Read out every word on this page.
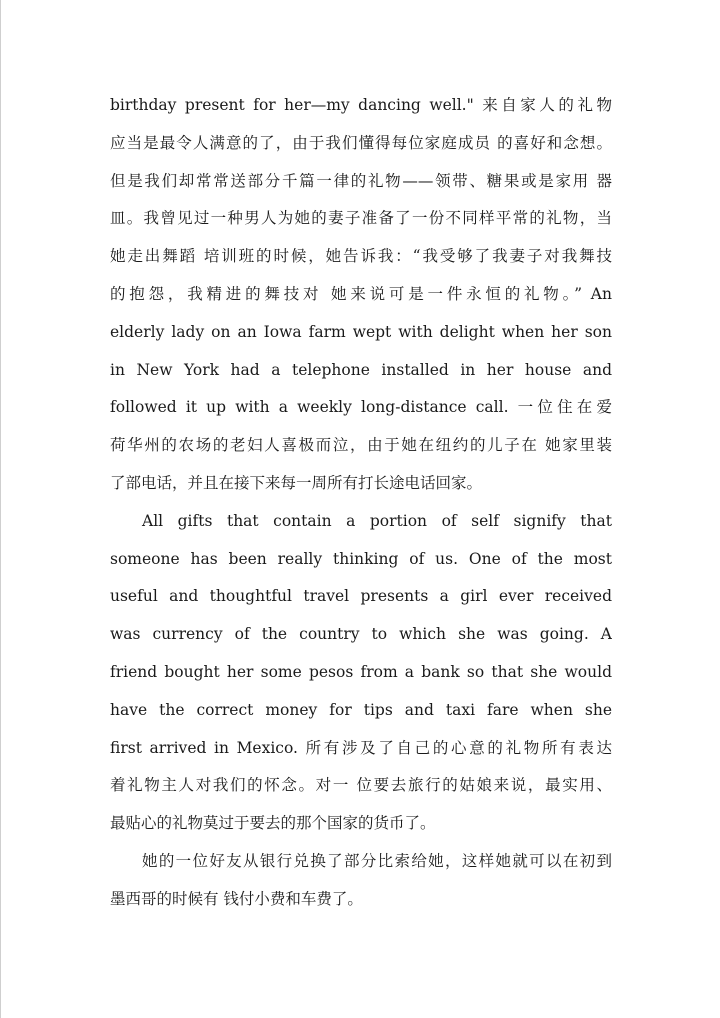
birthday present for her—my dancing well." 来自家人的礼物
应当是最令人满意的了，由于我们懂得每位家庭成员 的喜好和念想。
但是我们却常常送部分千篇一律的礼物——领带、糖果或是家用 器
皿。我曾见过一种男人为她的妻子准备了一份不同样平常的礼物，当
她走出舞蹈 培训班的时候，她告诉我：“我受够了我妻子对我舞技
的抱怨，我精进的舞技对 她来说可是一件永恒的礼物。” An
elderly lady on an Iowa farm wept with delight when her son
in New York had a telephone installed in her house and
followed it up with a weekly long-distance call. 一位住在爱
荷华州的农场的老妇人喜极而泣，由于她在纽约的儿子在 她家里装
了部电话，并且在接下来每一周所有打长途电话回家。
All gifts that contain a portion of self signify that
someone has been really thinking of us. One of the most
useful and thoughtful travel presents a girl ever received
was currency of the country to which she was going. A
friend bought her some pesos from a bank so that she would
have the correct money for tips and taxi fare when she
first arrived in Mexico. 所有涉及了自己的心意的礼物所有表达
着礼物主人对我们的怀念。对一 位要去旅行的姑娘来说，最实用、
最贴心的礼物莫过于要去的那个国家的货币了。
她的一位好友从银行兑换了部分比索给她，这样她就可以在初到
墨西哥的时候有 钱付小费和车费了。
